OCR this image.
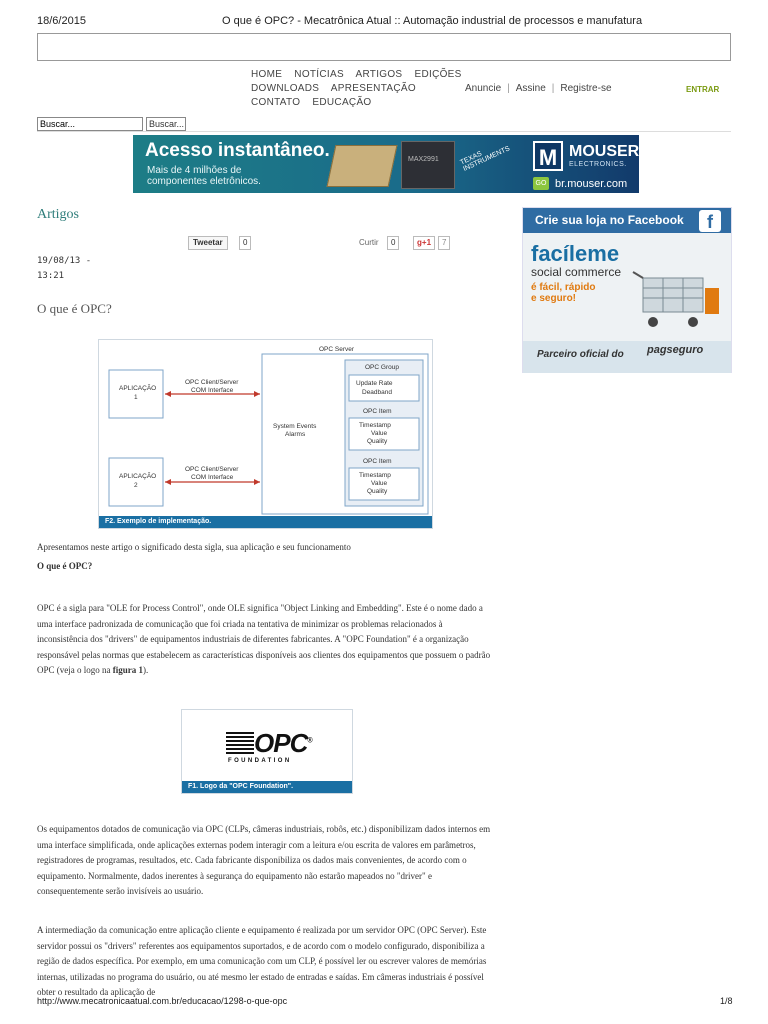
18/6/2015	O que é OPC? - Mecatrônica Atual :: Automação industrial de processos e manufatura
HOME NOTÍCIAS ARTIGOS EDIÇÕES
DOWNLOADS APRESENTAÇÃO
CONTATO EDUCAÇÃO
Anuncie | Assine | Registre-se	ENTRAR
Buscar...
Buscar...
Acesso instantâneo.
Mais de 4 milhões de
componentes eletrônicos.
MAX2991	TEXAS INSTRUMENTS	M MOUSER
ELECTRONICS.
GO br.mouser.com
Artigos
Tweetar	0	Curtir	0	g+1	7
19/08/13 -
13:21
O que é OPC?
OPC Server
APLICAÇÃO
1
APLICAÇÃO
2
OPC Client/Server
COM Interface
OPC Client/Server
COM Interface
System Events
Alarms
OPC Group
Update Rate
Deadband
OPC Item
Timestamp
Value
Quality
OPC Item
Timestamp
Value
Quality
F2. Exemplo de implementação.
Apresentamos neste artigo o significado desta sigla, sua aplicação e seu funcionamento
O que é OPC?
OPC é a sigla para "OLE for Process Control", onde OLE significa "Object Linking and Embedding". Este é o nome dado a uma interface padronizada de comunicação que foi criada na tentativa de minimizar os problemas relacionados à inconsistência dos "drivers" de equipamentos industriais de diferentes fabricantes. A "OPC Foundation" é a organização responsável pelas normas que estabelecem as características disponíveis aos clientes dos equipamentos que possuem o padrão OPC (veja o logo na figura 1).
OPC®
FOUNDATION
F1. Logo da "OPC Foundation".
Os equipamentos dotados de comunicação via OPC (CLPs, câmeras industriais, robôs, etc.) disponibilizam dados internos em uma interface simplificada, onde aplicações externas podem interagir com a leitura e/ou escrita de valores em parâmetros, registradores de programas, resultados, etc. Cada fabricante disponibiliza os dados mais convenientes, de acordo com o equipamento. Normalmente, dados inerentes à segurança do equipamento não estarão mapeados no "driver" e consequentemente serão invisíveis ao usuário.
A intermediação da comunicação entre aplicação cliente e equipamento é realizada por um servidor OPC (OPC Server). Este servidor possui os "drivers" referentes aos equipamentos suportados, e de acordo com o modelo configurado, disponibiliza a região de dados específica. Por exemplo, em uma comunicação com um CLP, é possível ler ou escrever valores de memórias internas, utilizadas no programa do usuário, ou até mesmo ler estado de entradas e saídas. Em câmeras industriais é possível obter o resultado da aplicação de
Crie sua loja no Facebook	f
facíleme
social commerce
é fácil, rápido
e seguro!
Parceiro oficial do pagseguro
http://www.mecatronicaatual.com.br/educacao/1298-o-que-opc	1/8
